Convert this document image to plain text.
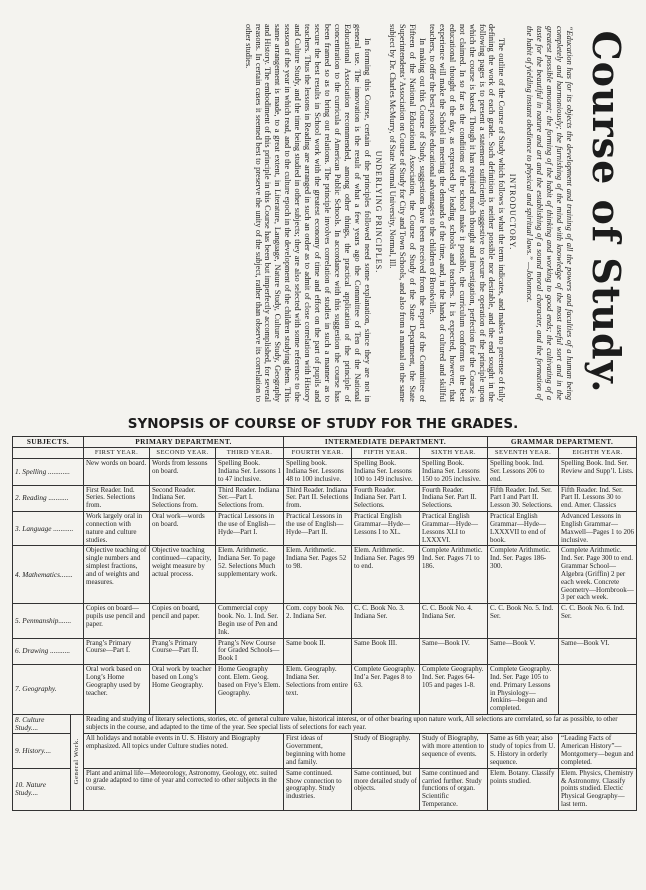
Course of Study.
“Education has for its objects the development and training of all the powers and faculties of a human being completely and harmoniously; the furnishing of the mind with knowledge of the most useful sort and in the greatest possible amount; the forming of the habit of thinking and working to good ends; the cultivating of a taste for the beautiful in nature and art and the establishing of a sound moral character, and the formation of the habit of yielding instant obedience to physical and spiritual laws.” —Johonnot.
INTRODUCTORY.

The outline of the Course of Study which follows is what the term indicates, and makes no pretense of fully defining the work of each grade. Such definition is neither possible nor desirable, and the end sought in the following pages is to present a statement sufficiently suggestive to secure the operation of the principle upon which the course is based. Though it has required much thought and investigation, perfection for the Course is not claimed. In so far as the conditions of the school make it possible, the curriculum conforms to the best educational thought of the day, as expressed by leading schools and teachers. It is expected, however, that experience will make the School in meeting the demands of the time, and, in the hands of cultured and skillful teachers, to offer the best possible educational advantages to the children of Brookville.

In making out this Course of Study, suggestions have been received from the report of the Committee of Fifteen of the National Educational Association, the Course of Study of the State Department, the State Superintendents’ Association on Course of Study for City and Town Schools, and also from a manual on the same subject by Dr. Charles McMurry, of State Normal University, Normal, Ill.

UNDERLYING PRINCIPLES.

In forming this Course, certain of the principles followed need some explanation, since they are not in general use. The innovation is the result of what a few years ago the Committee of Ten of the National Educational Association recommended, among other things, the practical application of the principle of concentration to the curricula of American Public Schools. In accordance with this suggestion the course has been framed so as to bring out relations. The principle involves correlation of studies in such a manner as to secure the best results in School work with the greatest economy of time and effort on the part of pupils and teachers. Thus the lessons in Reading are arranged in such an order as to admit of close correlation with History and Culture Study, and the time being studied in other subjects; they are also selected with some reference to the season of the year in which read, and to the culture epoch in the development of the children studying them. This same arrangement is made, to a great extent, in Literature, Language, Nature Study, Culture Study, Geography and History. The embodiment of this principle in this Course has been but imperfectly accomplished, for several reasons. In certain cases it seemed best to preserve the unity of the subject, rather than observe its correlation to other studies.

SYNOPSIS OF COURSE OF STUDY FOR THE GRADES.
SUBJECTS.		PRIMARY DEPARTMENT.			INTERMEDIATE DEPARTMENT.			GRAMMAR DEPARTMENT.	
		FIRST YEAR.	SECOND YEAR.	THIRD YEAR.	FOURTH YEAR.	FIFTH YEAR.	SIXTH YEAR.	SEVENTH YEAR.	EIGHTH YEAR.
1. Spelling ............		New words on board.	Words from lessons on board.	Spelling Book. Indiana Ser. Lessons 1 to 47 inclusive.	Spelling book. Indiana Ser. Lessons 48 to 100 inclusive.	Spelling Book. Indiana Ser. Lessons 100 to 149 inclusive.	Spelling Book. Indiana Ser. Lessons 150 to 205 inclusive.	Spelling book. Ind. Ser. Lessons 206 to end.	Spelling Book. Ind. Ser. Review and Supp’l. Lists.
2. Reading ...........		First Reader. Ind. Series. Selections from.	Second Reader. Indiana Ser. Selections from.	Third Reader. Indiana Ser.—Part I. Selections from.	Third Reader. Indiana Ser. Part II. Selections from.	Fourth Reader. Indiana Ser. Part I. Selections.	Fourth Reader. Indiana Ser. Part II. Selections.	Fifth Reader. Ind. Ser. Part I and Part II. Lesson 30. Selections.	Fifth Reader. Ind. Ser. Part II. Lessons 30 to end. Amer. Classics
3. Language ...........		Work largely oral in connection with nature and culture studies.	Oral work—words on board.	Practical Lessons in the use of English—Hyde—Part I.	Practical Lessons in the use of English—Hyde—Part II.	Practical English Grammar—Hyde—Lessons I to XL.	Practical English Grammar—Hyde—Lessons XLI to LXXXVI.	Practical English Grammar—Hyde—LXXXVII to end of book.	Advanced Lessons in English Grammar—Maxwell—Pages 1 to 206 inclusive.
4. Mathematics.......		Objective teaching of single numbers and simplest fractions, and of weights and measures.	Objective teaching continued—capacity, weight measure by actual process.	Elem. Arithmetic. Indiana Ser. To page 52. Selections Much supplementary work.	Elem. Arithmetic. Indiana Ser. Pages 52 to 98.	Elem. Arithmetic. Indiana Ser. Pages 99 to end.	Complete Arithmetic. Ind. Ser. Pages 71 to 186.	Complete Arithmetic. Ind. Ser. Pages 186-300.	Complete Arithmetic. Ind. Ser. Page 300 to end. Grammar School—Algebra (Griffin) 2 per each week. Concrete Geometry—Hornbrook—3 per each week.
5. Penmanship.......		Copies on board—pupils use pencil and paper.	Copies on board, pencil and paper.	Commercial copy book. No. 1. Ind. Ser. Begin use of Pen and Ink.	Com. copy book No. 2. Indiana Ser.	C. C. Book No. 3. Indiana Ser.	C. C. Book No. 4. Indiana Ser.	C. C. Book No. 5. Ind. Ser.	C. C. Book No. 6. Ind. Ser.
6. Drawing ...........		Prang’s Primary Course—Part I.	Prang’s Primary Course—Part II.	Prang’s New Course for Graded Schools—Book I	Same book II.	Same Book III.	Same—Book IV.	Same—Book V.	Same—Book VI.
7. Geography.		Oral work based on Long’s Home Geography used by teacher.	Oral work by teacher based on Long’s Home Geography.	Home Geography cont. Elem. Geog. based on Frye’s Elem. Geography.	Elem. Geography. Indiana Ser. Selections from entire text.	Complete Geography. Ind’a Ser. Pages 8 to 63.	Complete Geography. Ind. Ser. Pages 64-105 and pages 1-8.	Complete Geography. Ind. Ser. Page 105 to end. Primary Lessons in Physiology—Jenkins—begun and completed.	
8. Culture Study....	General Work.	Reading and studying of literary selections, stories, etc. of general culture value, historical interest, or of other bearing upon nature work, All selections are correlated, so far as possible, to other subjects in the course, and adapted to the time of the year. See special lists of selections for each year.							
9. History....		All holidays and notable events in U. S. History and Biography emphasized. All topics under Culture studies noted.			First ideas of Government, beginning with home and family.	Study of Biography.	Study of Biography, with more attention to sequence of events.	Same as 6th year; also study of topics from U. S. History in orderly sequence.	“Leading Facts of American History”—Montgomery—begun and completed.
10. Nature Study....		Plant and animal life—Meteorology, Astronomy, Geology, etc. suited to grade adapted to time of year and corrected to other subjects in the course.			Same continued. Show connection to geography. Study industries.	Same continued, but more detailed study of objects.	Same continued and carried further. Study functions of organ. Scientific Temperance.	Elem. Botany. Classify points studied.	Elem. Physics, Chemistry & Astronomy. Classify points studied. Electic Physical Geography—last term.
